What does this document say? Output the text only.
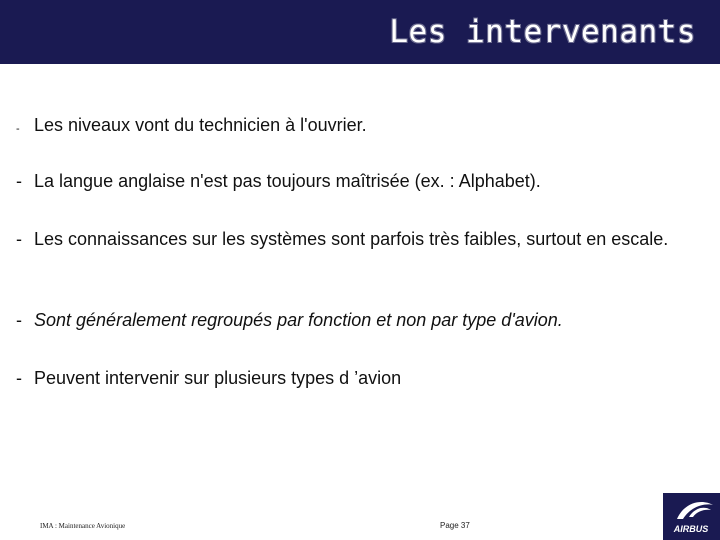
Les intervenants
- Les niveaux vont du technicien à l'ouvrier.
- La langue anglaise n'est pas toujours maîtrisée (ex. : Alphabet).
- Les connaissances sur les systèmes sont parfois très faibles, surtout en escale.
- Sont généralement regroupés par fonction et non par type d'avion.
- Peuvent intervenir sur plusieurs types d ’avion
IMA : Maintenance Avionique	Page 37	AIRBUS
